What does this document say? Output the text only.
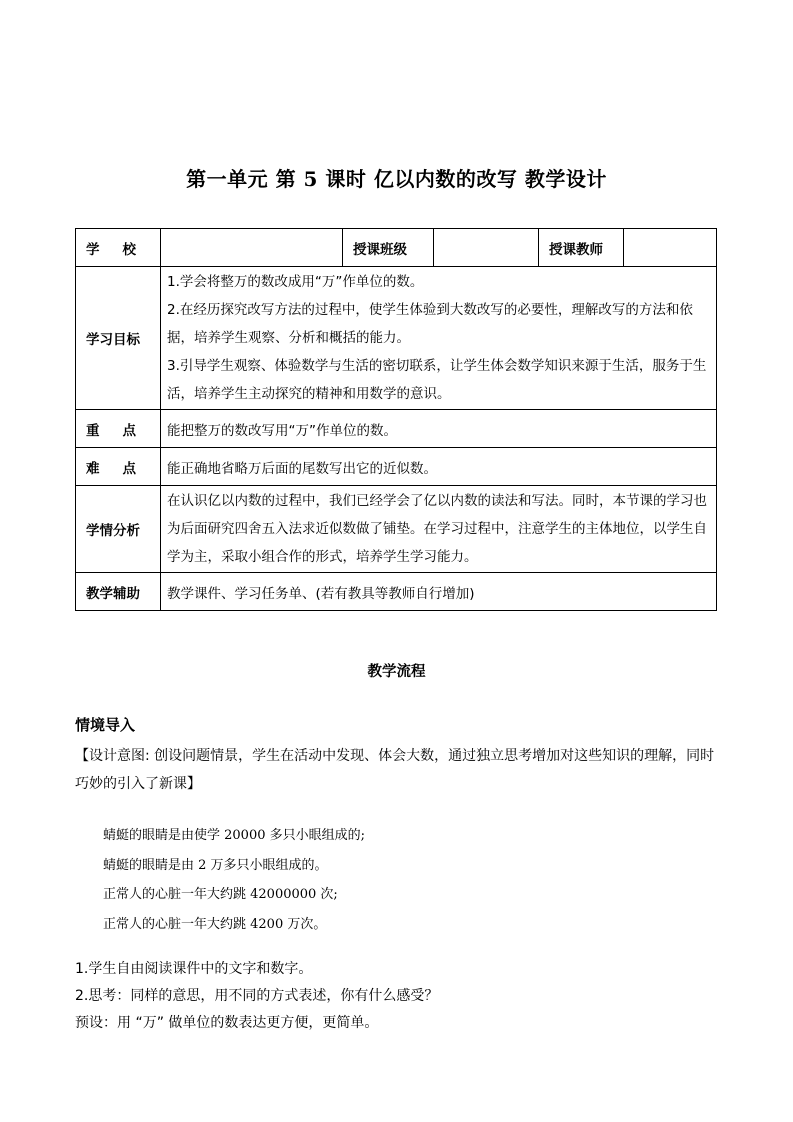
第一单元 第 5 课时 亿以内数的改写 教学设计
学 校		授课班级		授课教师	
学习目标	1.学会将整万的数改成用“万”作单位的数。
2.在经历探究改写方法的过程中，使学生体验到大数改写的必要性，理解改写的方法和依据，培养学生观察、分析和概括的能力。
3.引导学生观察、体验数学与生活的密切联系，让学生体会数学知识来源于生活，服务于生活，培养学生主动探究的精神和用数学的意识。				

重 点	能把整万的数改写用“万”作单位的数。				

难 点	能正确地省略万后面的尾数写出它的近似数。				
学情分析	在认识亿以内数的过程中，我们已经学会了亿以内数的读法和写法。同时，本节课的学习也为后面研究四舍五入法求近似数做了铺垫。在学习过程中，注意学生的主体地位，以学生自学为主，采取小组合作的形式，培养学生学习能力。				
教学辅助	教学课件、学习任务单、(若有教具等教师自行增加)				
教学流程
情境导入
【设计意图: 创设问题情景，学生在活动中发现、体会大数，通过独立思考增加对这些知识的理解，同时巧妙的引入了新课】
蜻蜓的眼睛是由使学 20000 多只小眼组成的;
蜻蜓的眼睛是由 2 万多只小眼组成的。
正常人的心脏一年大约跳 42000000 次;
正常人的心脏一年大约跳 4200 万次。
1.学生自由阅读课件中的文字和数字。
2.思考：同样的意思，用不同的方式表述，你有什么感受？
预设：用 “万” 做单位的数表达更方便，更简单。
